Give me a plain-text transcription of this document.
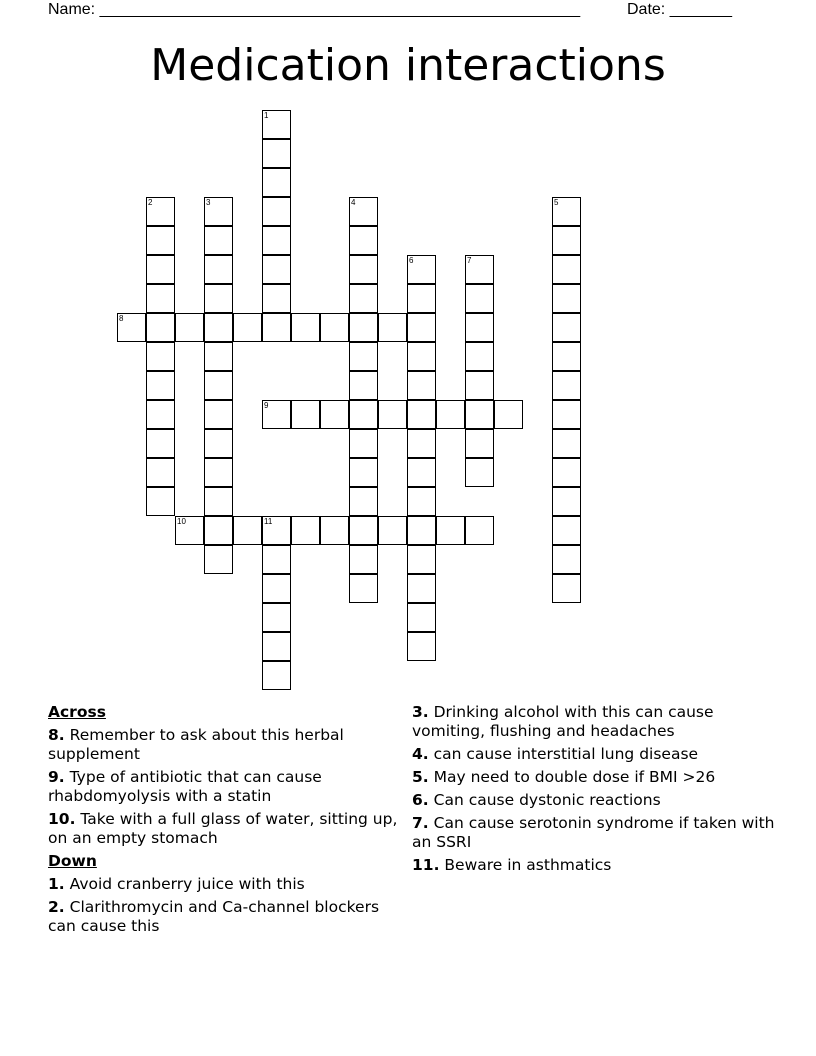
Name: ______________________________________________________	Date: _______
Medication interactions
1
2	3	4	5
6	7
8
9
10	11
Across
8. Remember to ask about this herbal supplement
9. Type of antibiotic that can cause rhabdomyolysis with a statin
10. Take with a full glass of water, sitting up, on an empty stomach
Down
1. Avoid cranberry juice with this
2. Clarithromycin and Ca-channel blockers can cause this
3. Drinking alcohol with this can cause vomiting, flushing and headaches
4. can cause interstitial lung disease
5. May need to double dose if BMI >26
6. Can cause dystonic reactions
7. Can cause serotonin syndrome if taken with an SSRI
11. Beware in asthmatics
